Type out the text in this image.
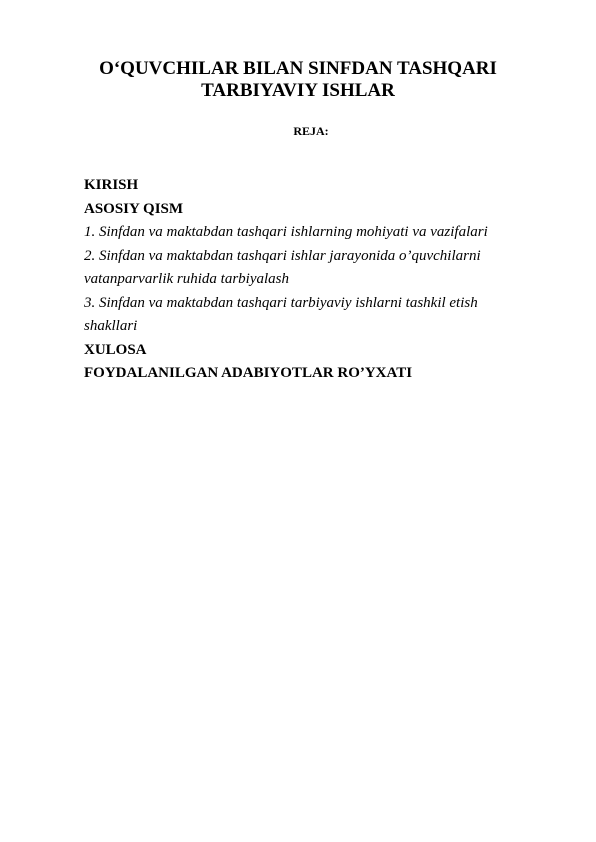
O‘QUVCHILAR BILAN SINFDAN TASHQARI
TARBIYAVIY ISHLAR

REJA:

KIRISH
ASOSIY QISM
1. Sinfdan va maktabdan tashqari ishlarning mohiyati va vazifalari
2. Sinfdan va maktabdan tashqari ishlar jarayonida o’quvchilarni
vatanparvarlik ruhida tarbiyalash
3. Sinfdan va maktabdan tashqari tarbiyaviy ishlarni tashkil etish
shakllari
XULOSA
FOYDALANILGAN ADABIYOTLAR RO’YXATI
